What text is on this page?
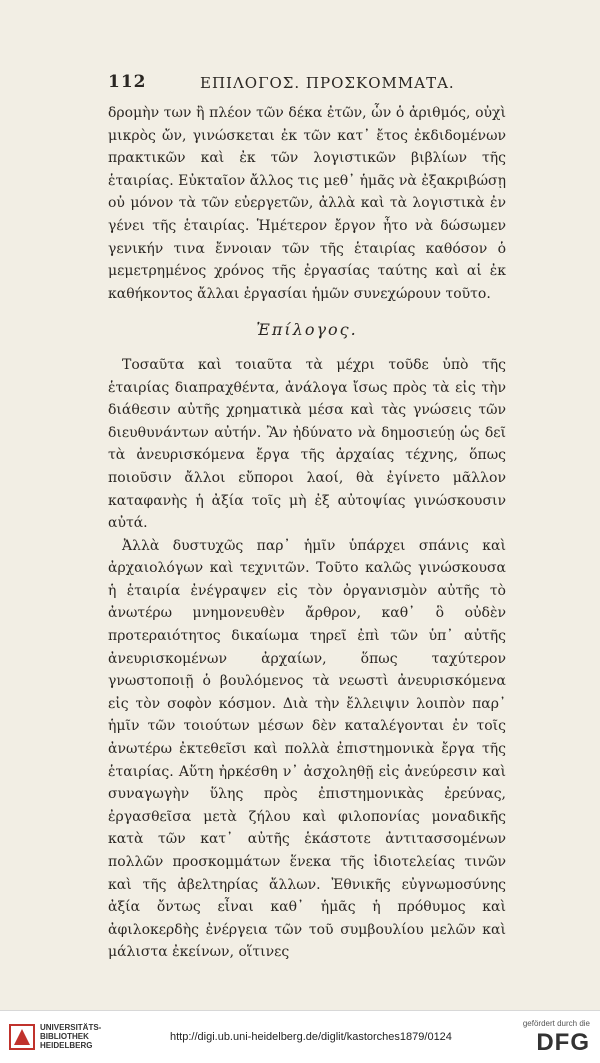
112	ΕΠΙΛΟΓΟΣ. ΠΡΟΣΚΟΜΜΑΤΑ.

δρομὴν των ἢ πλέον τῶν δέκα ἐτῶν, ὧν ὁ ἀριθμός, οὐχὶ μικρὸς ὤν, γινώσκεται ἐκ τῶν κατ᾽ ἔτος ἐκδιδομένων πρακτικῶν καὶ ἐκ τῶν λογιστικῶν βιβλίων τῆς ἑταιρίας. Εὐκταῖον ἄλλος τις μεθ᾽ ἡμᾶς νὰ ἐξακριβώσῃ οὐ μόνον τὰ τῶν εὐεργετῶν, ἀλλὰ καὶ τὰ λογιστικὰ ἐν γένει τῆς ἑταιρίας. Ἡμέτερον ἔργον ἦτο νὰ δώσωμεν γενικήν τινα ἔννοιαν τῶν τῆς ἑταιρίας καθόσον ὁ μεμετρημένος χρόνος τῆς ἐργασίας ταύτης καὶ αἱ ἐκ καθήκοντος ἄλλαι ἐργασίαι ἡμῶν συνεχώρουν τοῦτο.

Ἐπίλογος.

Τοσαῦτα καὶ τοιαῦτα τὰ μέχρι τοῦδε ὑπὸ τῆς ἑταιρίας διαπραχθέντα, ἀνάλογα ἴσως πρὸς τὰ εἰς τὴν διάθεσιν αὐτῆς χρηματικὰ μέσα καὶ τὰς γνώσεις τῶν διευθυνάντων αὐτήν. Ἂν ἠδύνατο νὰ δημοσιεύῃ ὡς δεῖ τὰ ἀνευρισκόμενα ἔργα τῆς ἀρχαίας τέχνης, ὅπως ποιοῦσιν ἄλλοι εὔποροι λαοί, θὰ ἐγίνετο μᾶλλον καταφανὴς ἡ ἀξία τοῖς μὴ ἐξ αὐτοψίας γινώσκουσιν αὐτά.

Ἀλλὰ δυστυχῶς παρ᾽ ἡμῖν ὑπάρχει σπάνις καὶ ἀρχαιολόγων καὶ τεχνιτῶν. Τοῦτο καλῶς γινώσκουσα ἡ ἑταιρία ἐνέγραψεν εἰς τὸν ὀργανισμὸν αὐτῆς τὸ ἀνωτέρω μνημονευθὲν ἄρθρον, καθ᾽ ὃ οὐδὲν προτεραιότητος δικαίωμα τηρεῖ ἐπὶ τῶν ὑπ᾽ αὐτῆς ἀνευρισκομένων ἀρχαίων, ὅπως ταχύτερον γνωστοποιῇ ὁ βουλόμενος τὰ νεωστὶ ἀνευρισκόμενα εἰς τὸν σοφὸν κόσμον. Διὰ τὴν ἔλλειψιν λοιπὸν παρ᾽ ἡμῖν τῶν τοιούτων μέσων δὲν καταλέγονται ἐν τοῖς ἀνωτέρω ἐκτεθεῖσι καὶ πολλὰ ἐπιστημονικὰ ἔργα τῆς ἑταιρίας. Αὕτη ἠρκέσθη ν᾽ ἀσχοληθῇ εἰς ἀνεύρεσιν καὶ συναγωγὴν ὕλης πρὸς ἐπιστημονικὰς ἐρεύνας, ἐργασθεῖσα μετὰ ζήλου καὶ φιλοπονίας μοναδικῆς κατὰ τῶν κατ᾽ αὐτῆς ἑκάστοτε ἀντιτασσομένων πολλῶν προσκομμάτων ἕνεκα τῆς ἰδιοτελείας τινῶν καὶ τῆς ἀβελτηρίας ἄλλων. Ἐθνικῆς εὐγνωμοσύνης ἀξία ὄντως εἶναι καθ᾽ ἡμᾶς ἡ πρόθυμος καὶ ἀφιλοκερδὴς ἐνέργεια τῶν τοῦ συμβουλίου μελῶν καὶ μάλιστα ἐκείνων, οἵτινες

UNIVERSITÄTS-
BIBLIOTHEK
HEIDELBERG
http://digi.ub.uni-heidelberg.de/diglit/kastorches1879/0124
gefördert durch die
DFG
